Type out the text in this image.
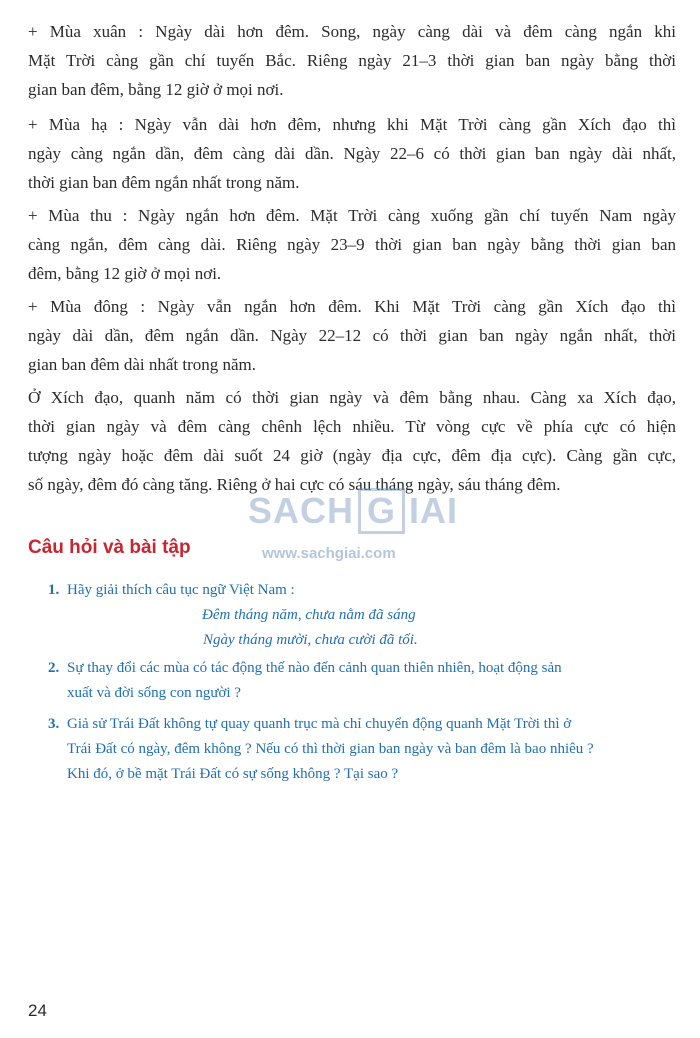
+ Mùa xuân : Ngày dài hơn đêm. Song, ngày càng dài và đêm càng ngắn khi
Mặt Trời càng gần chí tuyến Bắc. Riêng ngày 21–3 thời gian ban ngày bằng thời
gian ban đêm, bằng 12 giờ ở mọi nơi.

+ Mùa hạ : Ngày vẫn dài hơn đêm, nhưng khi Mặt Trời càng gần Xích đạo thì
ngày càng ngắn dần, đêm càng dài dần. Ngày 22–6 có thời gian ban ngày dài nhất,
thời gian ban đêm ngắn nhất trong năm.

+ Mùa thu : Ngày ngắn hơn đêm. Mặt Trời càng xuống gần chí tuyến Nam ngày
càng ngắn, đêm càng dài. Riêng ngày 23–9 thời gian ban ngày bằng thời gian ban
đêm, bằng 12 giờ ở mọi nơi.

+ Mùa đông : Ngày vẫn ngắn hơn đêm. Khi Mặt Trời càng gần Xích đạo thì
ngày dài dần, đêm ngắn dần. Ngày 22–12 có thời gian ban ngày ngắn nhất, thời
gian ban đêm dài nhất trong năm.

Ở Xích đạo, quanh năm có thời gian ngày và đêm bằng nhau. Càng xa Xích đạo,
thời gian ngày và đêm càng chênh lệch nhiều. Từ vòng cực về phía cực có hiện
tượng ngày hoặc đêm dài suốt 24 giờ (ngày địa cực, đêm địa cực). Càng gần cực,
số ngày, đêm đó càng tăng. Riêng ở hai cực có sáu tháng ngày, sáu tháng đêm.

SACH G IAI
www.sachgiai.com
Câu hỏi và bài tập
1. Hãy giải thích câu tục ngữ Việt Nam :
Đêm tháng năm, chưa nằm đã sáng
Ngày tháng mười, chưa cười đã tối.
2. Sự thay đổi các mùa có tác động thế nào đến cảnh quan thiên nhiên, hoạt động sản
xuất và đời sống con người ?
3. Giả sử Trái Đất không tự quay quanh trục mà chỉ chuyển động quanh Mặt Trời thì ở
Trái Đất có ngày, đêm không ? Nếu có thì thời gian ban ngày và ban đêm là bao nhiêu ?
Khi đó, ở bề mặt Trái Đất có sự sống không ? Tại sao ?
24
